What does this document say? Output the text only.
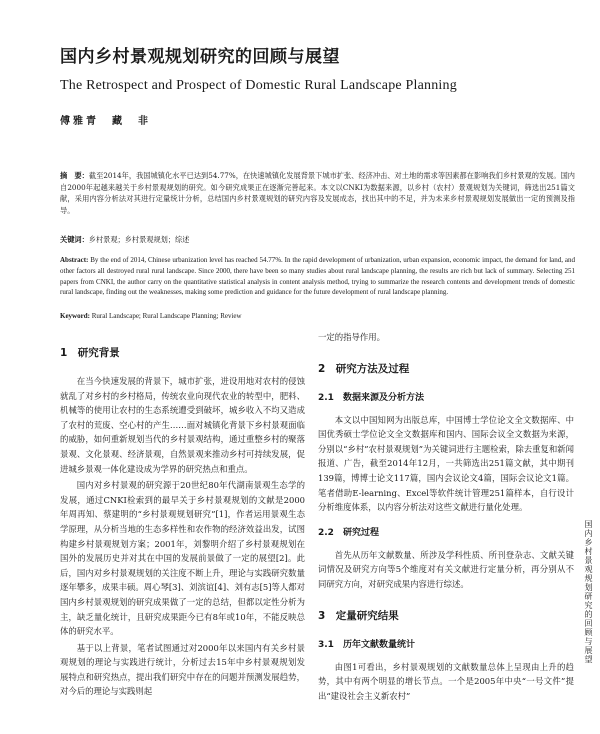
国内乡村景观规划研究的回顾与展望
The Retrospect and Prospect of Domestic Rural Landscape Planning
傅雅青　藏　非
摘　要：截至2014年，我国城镇化水平已达到54.77%，在快速城镇化发展背景下城市扩张、经济冲击、对土地的需求等因素都在影响我们乡村景观的发展。国内自2000年起越来越关于乡村景观规划的研究。如今研究成果正在逐渐完善起来。本文以CNKI为数据来源，以乡村（农村）景观规划为关键词，筛选出251篇文献，采用内容分析法对其进行定量统计分析，总结国内乡村景观规划的研究内容及发展成态，找出其中的不足，并为未来乡村景观规划发展做出一定的预测及指导。
关键词：乡村景观；乡村景观规划；综述
Abstract: By the end of 2014, Chinese urbanization level has reached 54.77%. In the rapid development of urbanization, urban expansion, economic impact, the demand for land, and other factors all destroyed rural rural landscape. Since 2000, there have been so many studies about rural landscape planning, the results are rich but lack of summary. Selecting 251 papers from CNKI, the author carry on the quantitative statistical analysis in content analysis method, trying to summarize the research contents and development trends of domestic rural landscape, finding out the weaknesses, making some prediction and guidance for the future development of rural landscape planning.
Keyword: Rural Landscape; Rural Landscape Planning; Review
1　研究背景

在当今快速发展的背景下，城市扩张，进设用地对农村的侵蚀就乱了对乡村的乡村格局，传统农业向现代农业的转型中，肥料、机械等的使用让农村的生态系统遭受到破坏，城乡收入不均又造成了农村的荒废、空心村的产生……面对城镇化背景下乡村景观面临的威胁，如何重新规划当代的乡村景观结构，通过重整乡村的聚落景观、文化景观、经济景观，自然景观来推动乡村可持续发展，促进城乡景观一体化建设成为学界的研究热点和重点。

国内对乡村景观的研究源于20世纪80年代湖南景观生态学的发展，通过CNKI检索到的最早关于乡村景观规划的文献是2000年周再知、蔡建明的“乡村景观规划研究”[1]，作者运用景观生态学原理，从分析当地的生态多样性和农作物的经济效益出发，试图构建乡村景观规划方案；2001年，刘黎明介绍了乡村景观规划在国外的发展历史并对其在中国的发展前景做了一定的展望[2]。此后，国内对乡村景观规划的关注度不断上升，理论与实践研究数量逐年攀多，成果丰硕。周心琴[3]、刘滨谊[4]、刘有志[5]等人都对国内乡村景观规划的研究成果做了一定的总结，但都以定性分析为主，缺乏量化统计，且研究成果距今已有8年或10年，不能反映总体的研究水平。

基于以上背景，笔者试图通过对2000年以来国内有关乡村景观规划的理论与实践进行统计，分析过去15年中乡村景观规划发展特点和研究热点，提出我们研究中存在的问题并预测发展趋势，对今后的理论与实践则起

一定的指导作用。

2　研究方法及过程
2.1　数据来源及分析方法

本文以中国知网为出版总库，中国博士学位论文全文数据库、中国优秀硕士学位论文全文数据库和国内、国际会议全文数据为来源，分别以“乡村”农村景观规划”为关键词进行主题检索，除去重复和新闻报道、广告，截至2014年12月，一共筛选出251篇文献，其中期刊139篇，博博士论文117篇，国内会议论文4篇，国际会议论文1篇。笔者借助E-learning、Excel等软件统计管理251篇样本，自行设计分析维度体系，以内容分析法对这些文献进行量化处理。

2.2　研究过程

首先从历年文献数量、所涉及学科性质、所刊登杂志、文献关键词情况及研究方向等5个维度对有关文献进行定量分析，再分别从不同研究方向，对研究成果内容进行综述。

3　定量研究结果
3.1　历年文献数量统计

由图1可看出，乡村景观规划的文献数量总体上呈现由上升的趋势，其中有两个明显的增长节点。一个是2005年中央“一号文件”提出“建设社会主义新农村”

国内乡村景观规划研究的回顾与展望
